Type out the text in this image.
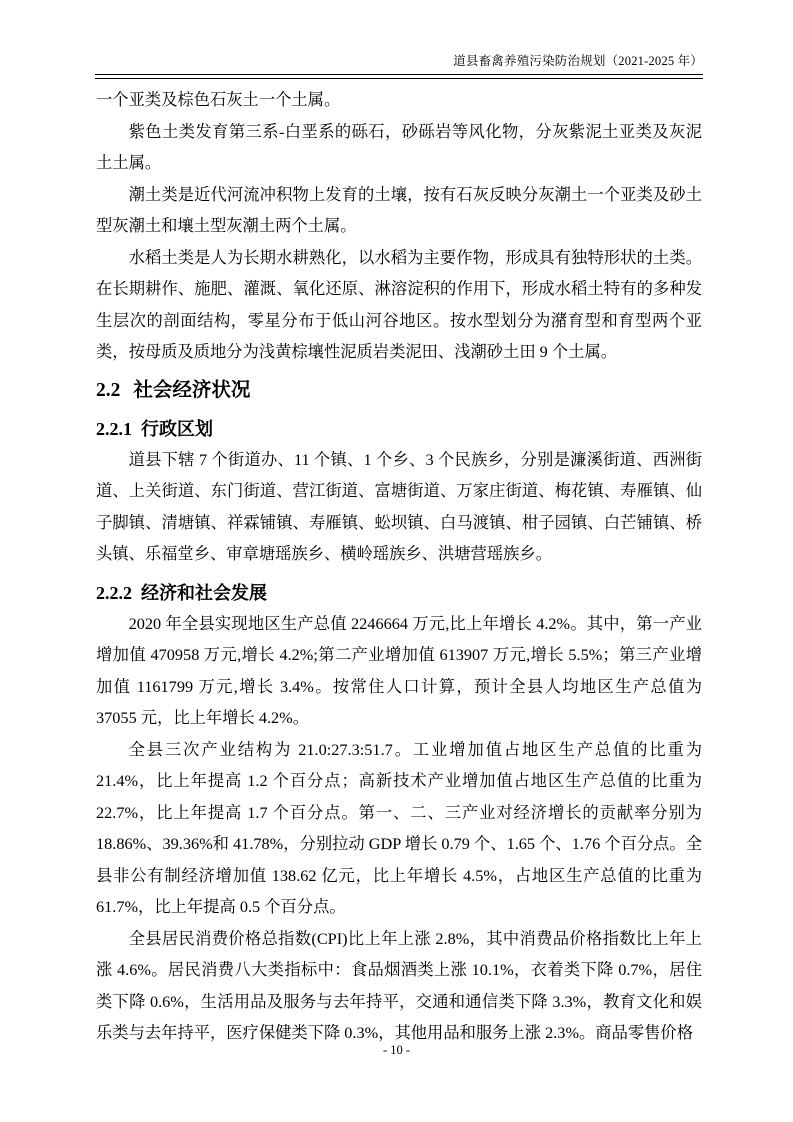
道县畜禽养殖污染防治规划（2021-2025 年）

一个亚类及棕色石灰土一个土属。

紫色土类发育第三系-白垩系的砾石，砂砾岩等风化物，分灰紫泥土亚类及灰泥土土属。

潮土类是近代河流冲积物上发育的土壤，按有石灰反映分灰潮土一个亚类及砂土型灰潮土和壤土型灰潮土两个土属。

水稻土类是人为长期水耕熟化，以水稻为主要作物，形成具有独特形状的土类。在长期耕作、施肥、灌溉、氧化还原、淋溶淀积的作用下，形成水稻土特有的多种发生层次的剖面结构，零星分布于低山河谷地区。按水型划分为潴育型和育型两个亚类，按母质及质地分为浅黄棕壤性泥质岩类泥田、浅潮砂土田 9 个土属。

2.2 社会经济状况
2.2.1 行政区划

道县下辖 7 个街道办、11 个镇、1 个乡、3 个民族乡，分别是濂溪街道、西洲街道、上关街道、东门街道、营江街道、富塘街道、万家庄街道、梅花镇、寿雁镇、仙子脚镇、清塘镇、祥霖铺镇、寿雁镇、蚣坝镇、白马渡镇、柑子园镇、白芒铺镇、桥头镇、乐福堂乡、审章塘瑶族乡、横岭瑶族乡、洪塘营瑶族乡。

2.2.2 经济和社会发展

2020 年全县实现地区生产总值 2246664 万元,比上年增长 4.2%。其中，第一产业增加值 470958 万元,增长 4.2%;第二产业增加值 613907 万元,增长 5.5%；第三产业增加值 1161799 万元,增长 3.4%。按常住人口计算，预计全县人均地区生产总值为 37055 元，比上年增长 4.2%。

全县三次产业结构为 21.0:27.3:51.7。工业增加值占地区生产总值的比重为 21.4%，比上年提高 1.2 个百分点；高新技术产业增加值占地区生产总值的比重为 22.7%，比上年提高 1.7 个百分点。第一、二、三产业对经济增长的贡献率分别为 18.86%、39.36%和 41.78%，分别拉动 GDP 增长 0.79 个、1.65 个、1.76 个百分点。全县非公有制经济增加值 138.62 亿元，比上年增长 4.5%，占地区生产总值的比重为 61.7%，比上年提高 0.5 个百分点。

全县居民消费价格总指数(CPI)比上年上涨 2.8%，其中消费品价格指数比上年上涨 4.6%。居民消费八大类指标中：食品烟酒类上涨 10.1%，衣着类下降 0.7%，居住类下降 0.6%，生活用品及服务与去年持平，交通和通信类下降 3.3%，教育文化和娱乐类与去年持平，医疗保健类下降 0.3%，其他用品和服务上涨 2.3%。商品零售价格

- 10 -
